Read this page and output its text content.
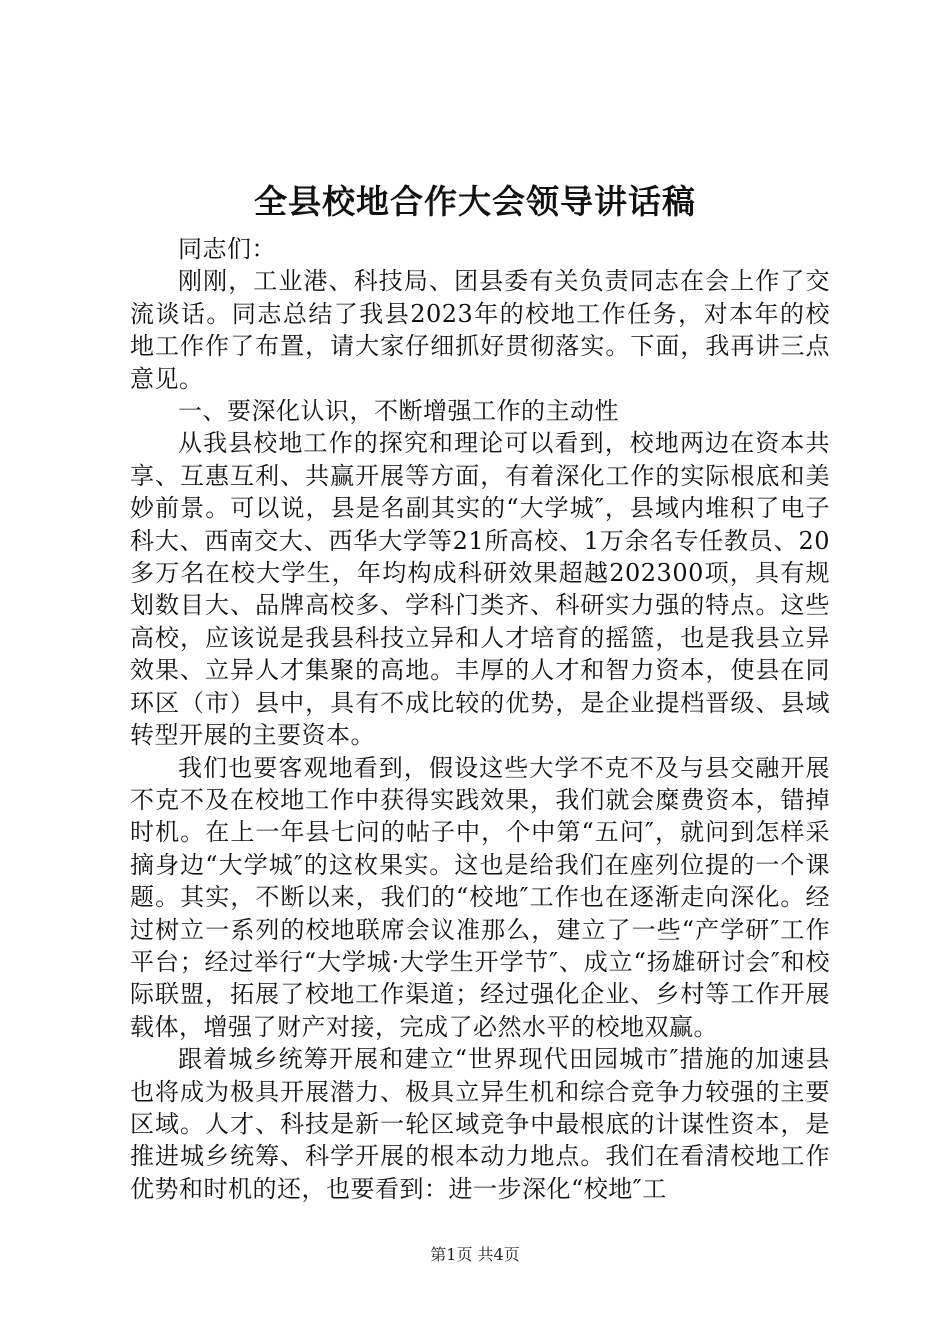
全县校地合作大会领导讲话稿

同志们：

刚刚，工业港、科技局、团县委有关负责同志在会上作了交流谈话。同志总结了我县2023年的校地工作任务，对本年的校地工作作了布置，请大家仔细抓好贯彻落实。下面，我再讲三点意见。

一、要深化认识，不断增强工作的主动性

从我县校地工作的探究和理论可以看到，校地两边在资本共享、互惠互利、共赢开展等方面，有着深化工作的实际根底和美妙前景。可以说，县是名副其实的“大学城″，县域内堆积了电子科大、西南交大、西华大学等21所高校、1万余名专任教员、20多万名在校大学生，年均构成科研效果超越202300项，具有规划数目大、品牌高校多、学科门类齐、科研实力强的特点。这些高校，应该说是我县科技立异和人才培育的摇篮，也是我县立异效果、立异人才集聚的高地。丰厚的人才和智力资本，使县在同环区（市）县中，具有不成比较的优势，是企业提档晋级、县域转型开展的主要资本。

我们也要客观地看到，假设这些大学不克不及与县交融开展不克不及在校地工作中获得实践效果，我们就会糜费资本，错掉时机。在上一年县七问的帖子中，个中第“五问″，就问到怎样采摘身边“大学城″的这枚果实。这也是给我们在座列位提的一个课题。其实，不断以来，我们的“校地″工作也在逐渐走向深化。经过树立一系列的校地联席会议准那么，建立了一些“产学研″工作平台；经过举行“大学城·大学生开学节″、成立“扬雄研讨会″和校际联盟，拓展了校地工作渠道；经过强化企业、乡村等工作开展载体，增强了财产对接，完成了必然水平的校地双赢。

跟着城乡统筹开展和建立“世界现代田园城市″措施的加速县也将成为极具开展潜力、极具立异生机和综合竞争力较强的主要区域。人才、科技是新一轮区域竞争中最根底的计谋性资本，是推进城乡统筹、科学开展的根本动力地点。我们在看清校地工作优势和时机的还，也要看到：进一步深化“校地″工

第1页 共4页
